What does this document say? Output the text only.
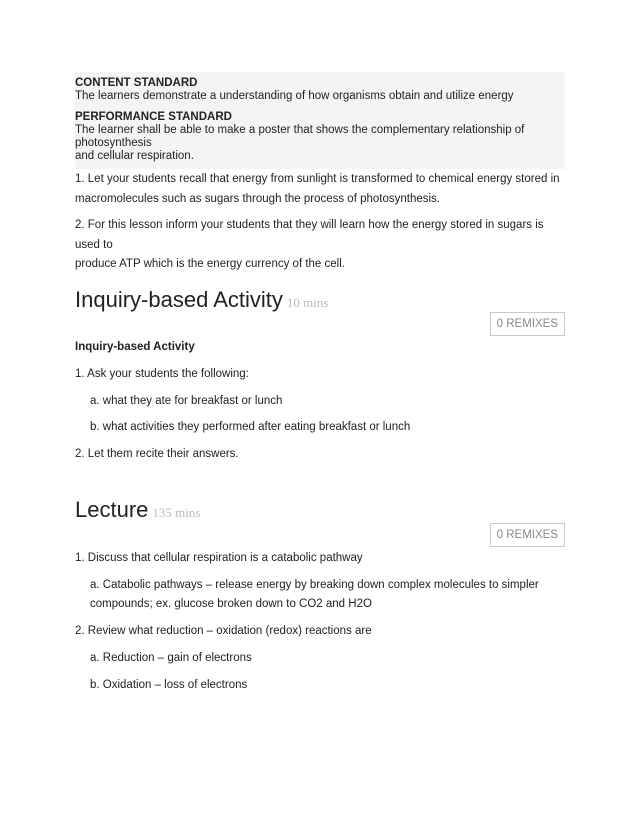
CONTENT STANDARD
The learners demonstrate a understanding of how organisms obtain and utilize energy
PERFORMANCE STANDARD
The learner shall be able to make a poster that shows the complementary relationship of
photosynthesis
and cellular respiration.
1. Let your students recall that energy from sunlight is transformed to chemical energy stored in
macromolecules such as sugars through the process of photosynthesis.
2. For this lesson inform your students that they will learn how the energy stored in sugars is used to
produce ATP which is the energy currency of the cell.
Inquiry-based Activity 10 mins
0 REMIXES
Inquiry-based Activity
1. Ask your students the following:
a. what they ate for breakfast or lunch
b. what activities they performed after eating breakfast or lunch
2. Let them recite their answers.
Lecture 135 mins
0 REMIXES
1. Discuss that cellular respiration is a catabolic pathway
a. Catabolic pathways – release energy by breaking down complex molecules to simpler
compounds; ex. glucose broken down to CO2 and H2O
2. Review what reduction – oxidation (redox) reactions are
a. Reduction – gain of electrons
b. Oxidation – loss of electrons
